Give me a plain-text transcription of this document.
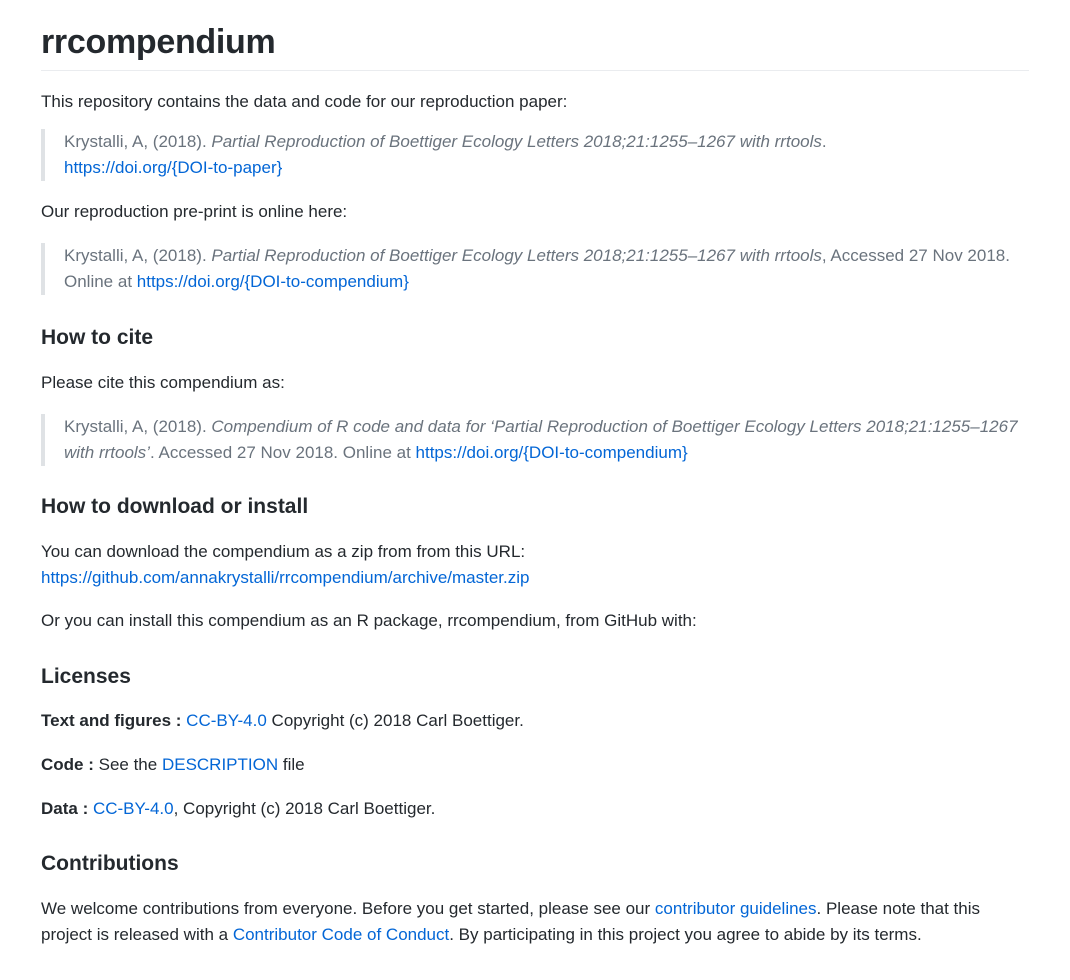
rrcompendium

This repository contains the data and code for our reproduction paper:

Krystalli, A, (2018). Partial Reproduction of Boettiger Ecology Letters 2018;21:1255–1267 with rrtools.
https://doi.org/{DOI-to-paper}

Our reproduction pre-print is online here:

Krystalli, A, (2018). Partial Reproduction of Boettiger Ecology Letters 2018;21:1255–1267 with rrtools, Accessed 27 Nov 2018. Online at https://doi.org/{DOI-to-compendium}
How to cite

Please cite this compendium as:

Krystalli, A, (2018). Compendium of R code and data for ‘Partial Reproduction of Boettiger Ecology Letters 2018;21:1255–1267 with rrtools’. Accessed 27 Nov 2018. Online at https://doi.org/{DOI-to-compendium}
How to download or install

You can download the compendium as a zip from from this URL:
https://github.com/annakrystalli/rrcompendium/archive/master.zip

Or you can install this compendium as an R package, rrcompendium, from GitHub with:

Licenses

Text and figures : CC-BY-4.0 Copyright (c) 2018 Carl Boettiger.

Code : See the DESCRIPTION file

Data : CC-BY-4.0, Copyright (c) 2018 Carl Boettiger.

Contributions

We welcome contributions from everyone. Before you get started, please see our contributor guidelines. Please note that this project is released with a Contributor Code of Conduct. By participating in this project you agree to abide by its terms.
